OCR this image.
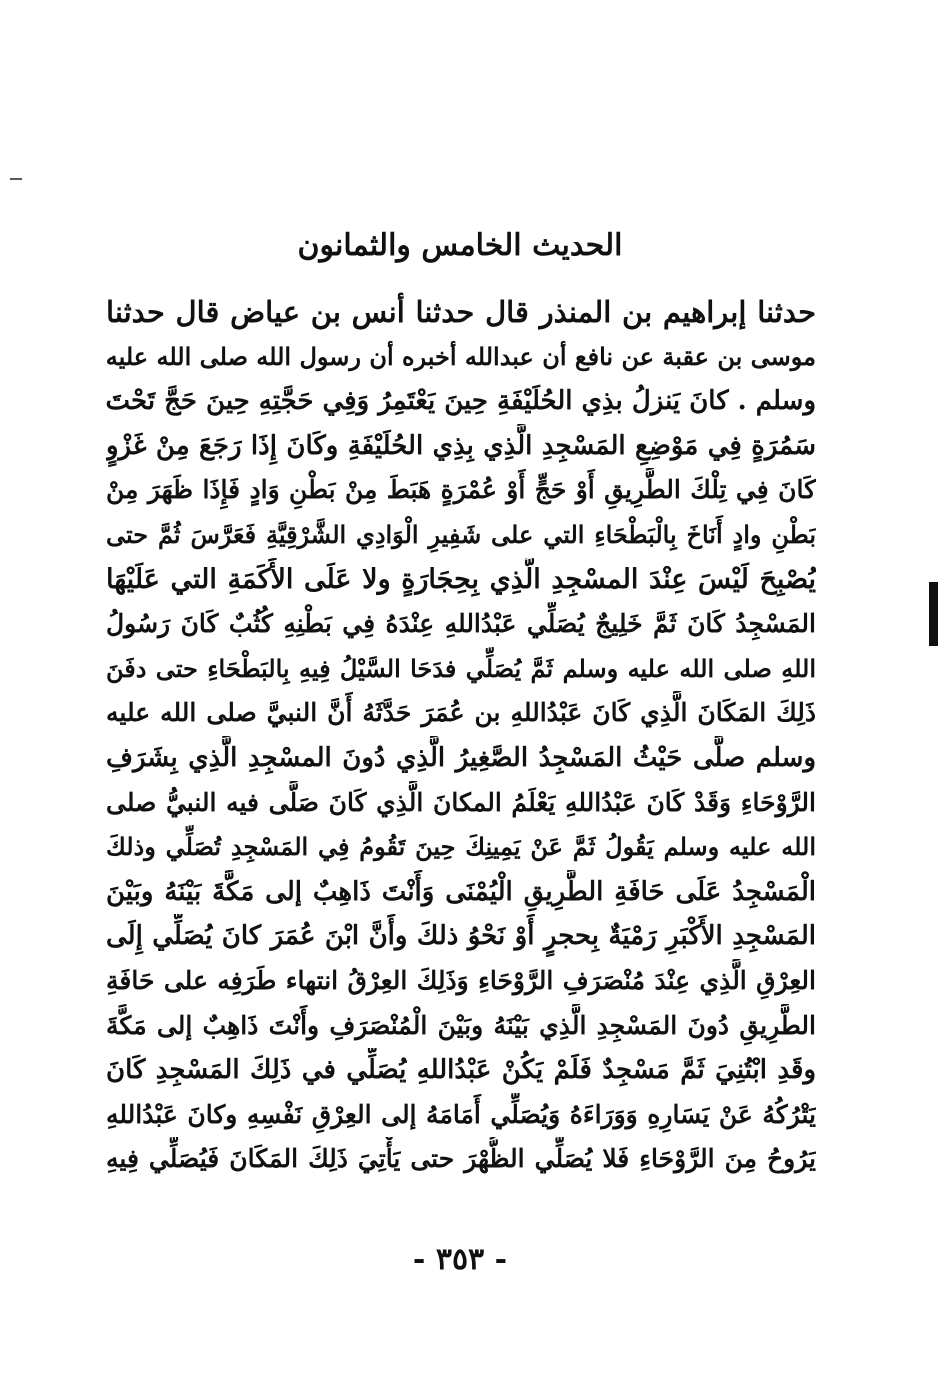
الحديث الخامس والثمانون
حدثنا إبراهيم بن المنذر قال حدثنا أنس بن عياض قال حدثنا
موسى بن عقبة عن نافع أن عبدالله أخبره أن رسول الله صلى الله عليه
وسلم . كانَ يَنزلُ بذِي الحُلَيْفَةِ حِينَ يَعْتَمِرُ وَفِي حَجَّتِهِ حِينَ حَجَّ تَحْتَ
سَمُرَةٍ فِي مَوْضِعِ المَسْجِدِ الَّذِي بِذِي الحُلَيْفَةِ وكَانَ إِذَا رَجَعَ مِنْ غَزْوٍ
كَانَ فِي تِلْكَ الطَّرِيقِ أَوْ حَجٍّ أَوْ عُمْرَةٍ هَبَطَ مِنْ بَطْنِ وَادٍ فَإِذَا ظَهَرَ مِنْ
بَطْنِ وادٍ أَنَاخَ بِالْبَطْحَاءِ التي على شَفِيرِ الْوَادِي الشَّرْقِيَّةِ فَعَرَّسَ ثُمَّ حتى
يُصْبِحَ لَيْسَ عِنْدَ المسْجِدِ الَّذِي بِحِجَارَةٍ ولا عَلَى الأَكَمَةِ التي عَلَيْهَا
المَسْجِدُ كَانَ ثَمَّ خَلِيجٌ يُصَلِّي عَبْدُاللهِ عِنْدَهُ فِي بَطْنِهِ كُثُبٌ كَانَ رَسُولُ
اللهِ صلى الله عليه وسلم ثَمَّ يُصَلِّي فدَحَا السَّيْلُ فِيهِ بِالبَطْحَاءِ حتى دفَنَ
ذَلِكَ المَكَانَ الَّذِي كَانَ عَبْدُاللهِ بن عُمَرَ حَدَّثَهُ أَنَّ النبيَّ صلى الله عليه
وسلم صلَّى حَيْثُ المَسْجِدُ الصَّغِيرُ الَّذِي دُونَ المسْجِدِ الَّذِي بِشَرَفِ
الرَّوْحَاءِ وَقَدْ كَانَ عَبْدُاللهِ يَعْلَمُ المكانَ الَّذِي كَانَ صَلَّى فيه النبيُّ صلى
الله عليه وسلم يَقُولُ ثَمَّ عَنْ يَمِينِكَ حِينَ تَقُومُ فِي المَسْجِدِ تُصَلِّي وذلكَ
الْمَسْجِدُ عَلَى حَافَةِ الطَّرِيقِ الْيُمْنَى وَأَنْتَ ذَاهِبٌ إلى مَكَّةَ بَيْنَهُ وبَيْنَ
المَسْجِدِ الأَكْبَرِ رَمْيَةٌ بِحجرٍ أَوْ نَحْوُ ذلكَ وأَنَّ ابْنَ عُمَرَ كانَ يُصَلِّي إِلَى
العِرْقِ الَّذِي عِنْدَ مُنْصَرَفِ الرَّوْحَاءِ وَذَلِكَ العِرْقُ انتهاء طَرَفِه على حَافَةِ
الطَّرِيقِ دُونَ المَسْجِدِ الَّذِي بَيْنَهُ وبَيْنَ الْمُنْصَرَفِ وأَنْتَ ذَاهِبٌ إلى مَكَّةَ
وقَدِ ابْتُنِيَ ثَمَّ مَسْجِدٌ فَلَمْ يَكُنْ عَبْدُاللهِ يُصَلِّي في ذَلِكَ المَسْجِدِ كَانَ
يَتْرُكُهُ عَنْ يَسَارِهِ وَوَرَاءَهُ وَيُصَلِّي أَمَامَهُ إلى العِرْقِ نَفْسِهِ وكانَ عَبْدُاللهِ
يَرُوحُ مِنَ الرَّوْحَاءِ فَلا يُصَلِّي الظُّهْرَ حتى يَأْتِيَ ذَلِكَ المَكَانَ فَيُصَلِّي فِيهِ
- ٣٥٣ -
